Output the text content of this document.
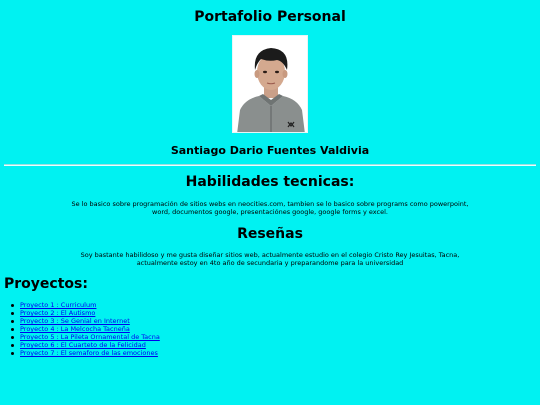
Portafolio Personal
Santiago Dario Fuentes Valdivia
Habilidades tecnicas:

Se lo basico sobre programación de sitios webs en neocities.com, tambien se lo basico sobre programs como powerpoint, word, documentos google, presentaciónes google, google forms y excel.

Reseñas

Soy bastante habilidoso y me gusta diseñar sitios web, actualmente estudio en el colegio Cristo Rey Jesuitas, Tacna, actualmente estoy en 4to año de secundaria y preparandome para la universidad

Proyectos:
Proyecto 1 : Curriculum
Proyecto 2 : El Autismo
Proyecto 3 : Se Genial en Internet
Proyecto 4 : La Melcocha Tacneña
Proyecto 5 : La Pileta Ornamental de Tacna
Proyecto 6 : El Cuarteto de la Felicidad
Proyecto 7 : El semaforo de las emociones
